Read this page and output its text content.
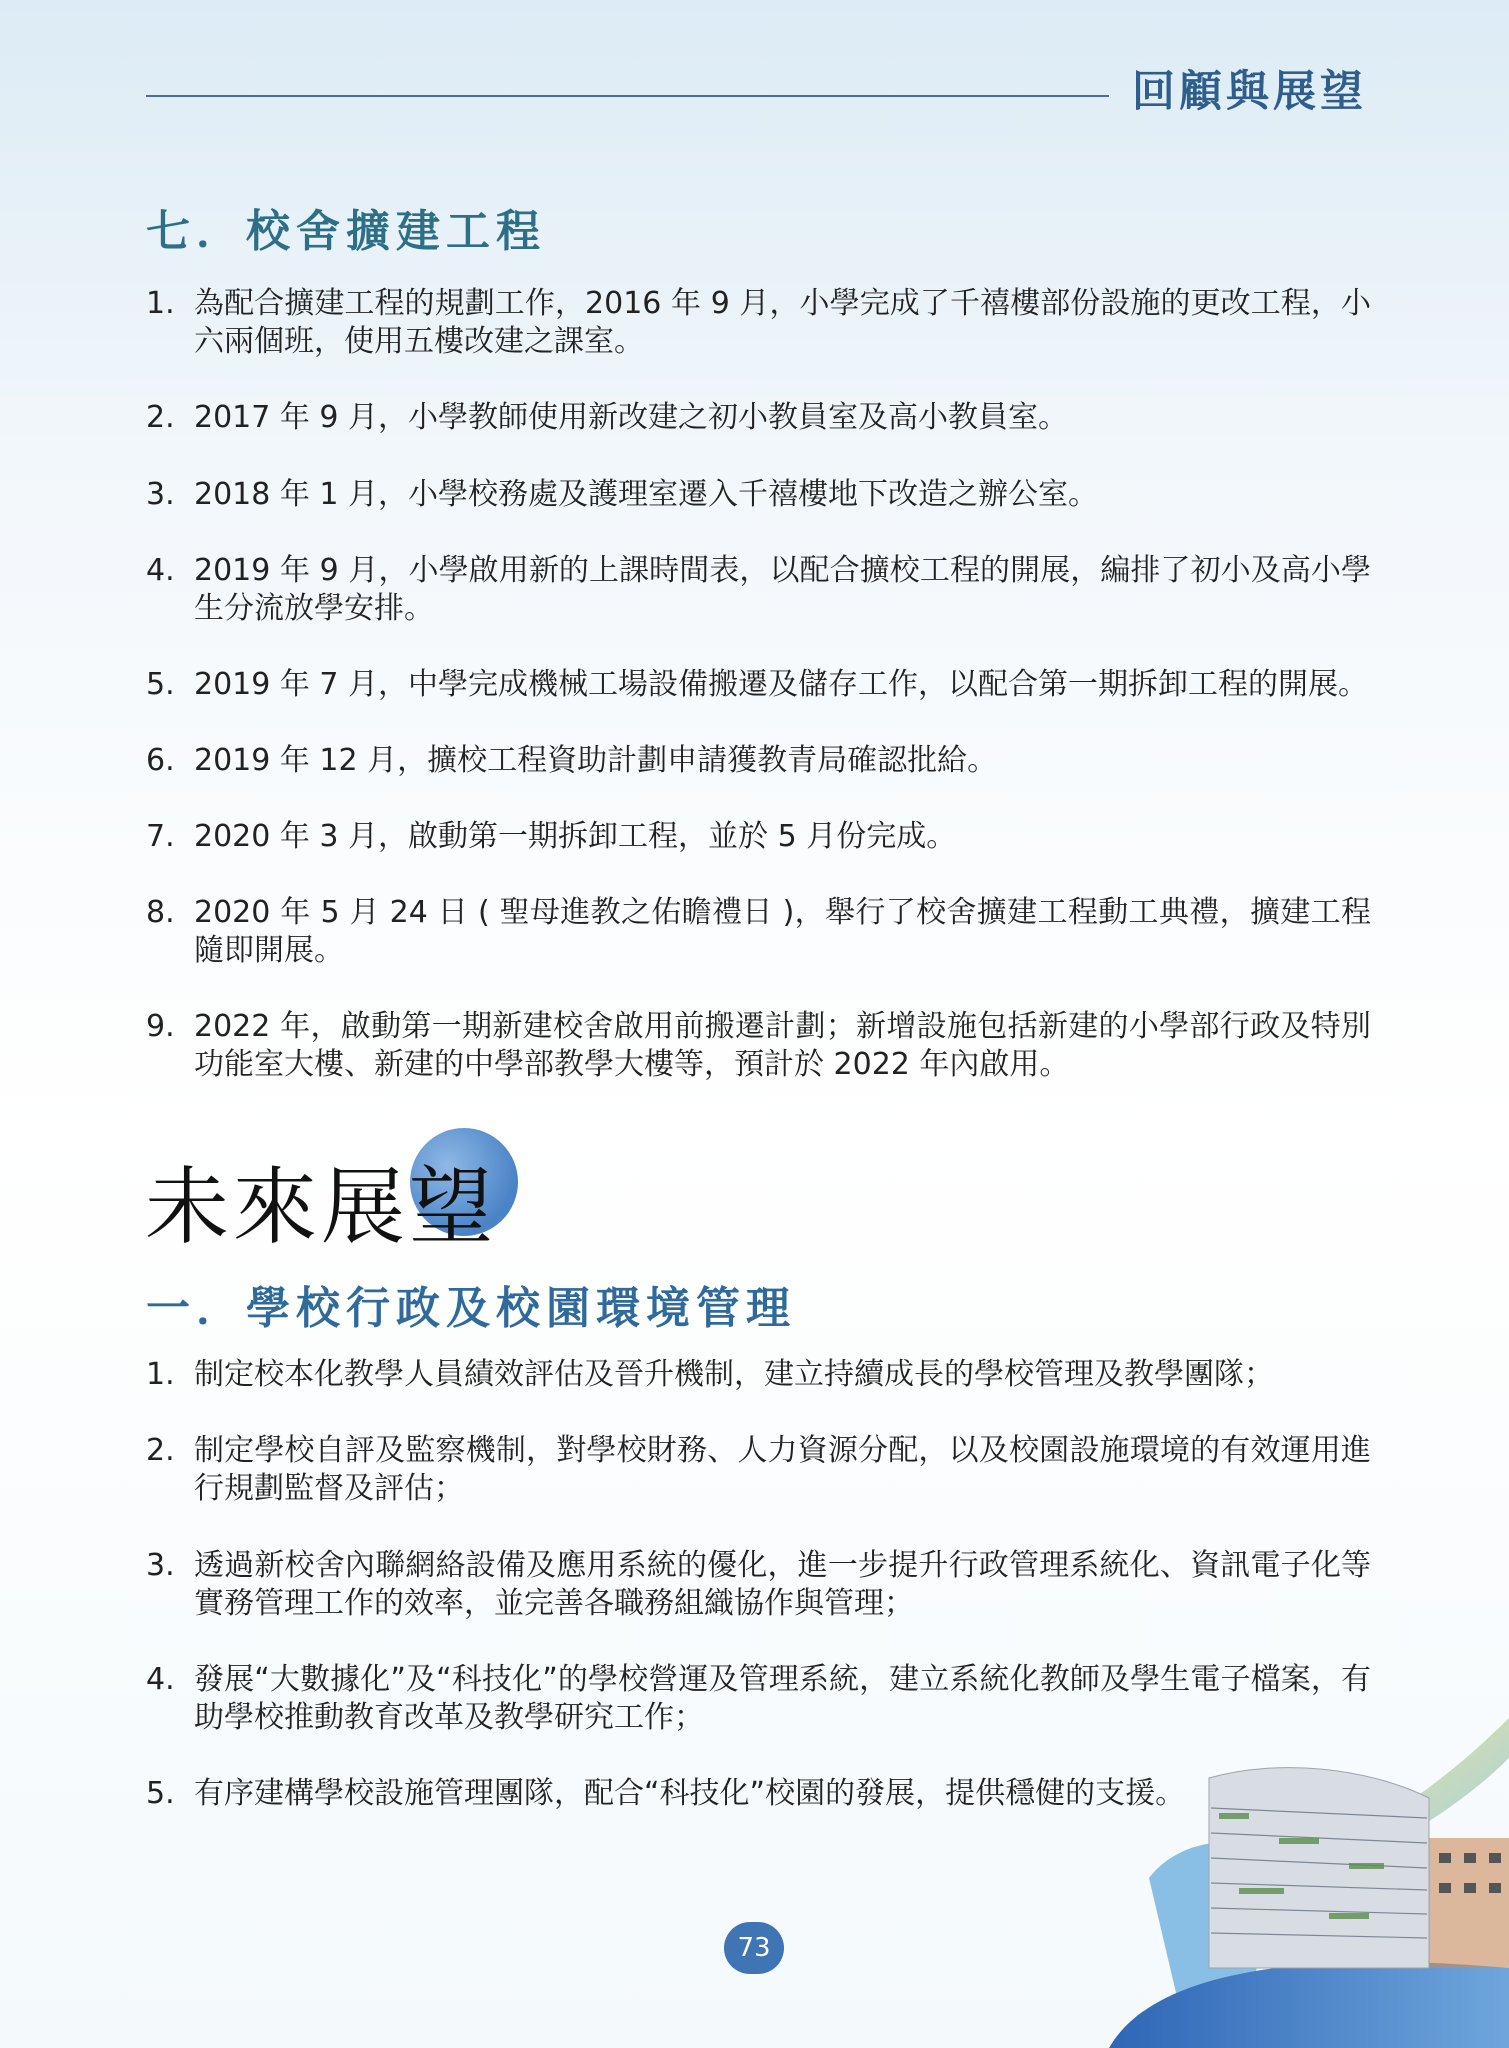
回顧與展望
七．校舍擴建工程
1. 為配合擴建工程的規劃工作，2016 年 9 月，小學完成了千禧樓部份設施的更改工程，小六兩個班，使用五樓改建之課室。
2. 2017 年 9 月，小學教師使用新改建之初小教員室及高小教員室。
3. 2018 年 1 月，小學校務處及護理室遷入千禧樓地下改造之辦公室。
4. 2019 年 9 月，小學啟用新的上課時間表，以配合擴校工程的開展，編排了初小及高小學生分流放學安排。
5. 2019 年 7 月，中學完成機械工場設備搬遷及儲存工作，以配合第一期拆卸工程的開展。
6. 2019 年 12 月，擴校工程資助計劃申請獲教青局確認批給。
7. 2020 年 3 月，啟動第一期拆卸工程，並於 5 月份完成。
8. 2020 年 5 月 24 日 ( 聖母進教之佑瞻禮日 )，舉行了校舍擴建工程動工典禮，擴建工程隨即開展。
9. 2022 年，啟動第一期新建校舍啟用前搬遷計劃；新增設施包括新建的小學部行政及特別功能室大樓、新建的中學部教學大樓等，預計於 2022 年內啟用。
未來展望
一．學校行政及校園環境管理
1. 制定校本化教學人員績效評估及晉升機制，建立持續成長的學校管理及教學團隊；
2. 制定學校自評及監察機制，對學校財務、人力資源分配，以及校園設施環境的有效運用進行規劃監督及評估；
3. 透過新校舍內聯網絡設備及應用系統的優化，進一步提升行政管理系統化、資訊電子化等實務管理工作的效率，並完善各職務組織協作與管理；
4. 發展“大數據化”及“科技化”的學校營運及管理系統，建立系統化教師及學生電子檔案，有助學校推動教育改革及教學研究工作；
5. 有序建構學校設施管理團隊，配合“科技化”校園的發展，提供穩健的支援。
73
